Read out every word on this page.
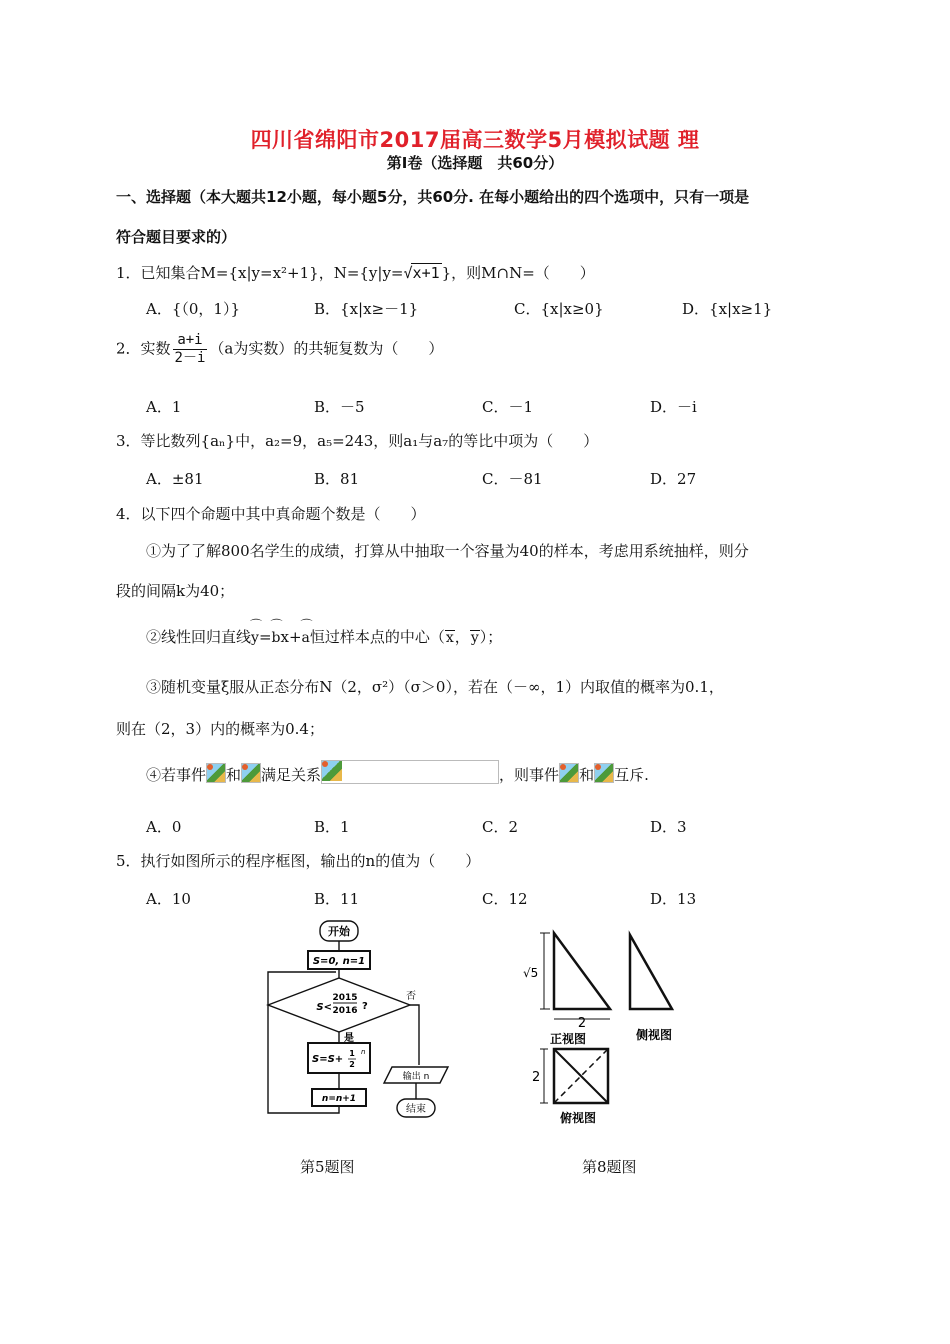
四川省绵阳市2017届高三数学5月模拟试题 理
第Ⅰ卷（选择题　共60分）
一、选择题（本大题共12小题，每小题5分，共60分. 在每小题给出的四个选项中，只有一项是
符合题目要求的）
1．已知集合M={x|y=x²+1}，N={y|y=√x+1 }，则M∩N=（　　）
A．{（0，1）}	B．{x|x≥－1}	C．{x|x≥0}	D．{x|x≥1}
2．实数 $\frac{a+i}{2-i} (a$为实数）的共轭复数为（　　）
A．1	B．－5	C．－1	D．－i
3．等比数列{aₙ}中，a₂=9，a₅=243，则a₁与a₇的等比中项为（　　）
A．±81	B．81	C．－81	D．27
4．以下四个命题中其中真命题个数是（　　）
①为了了解800名学生的成绩，打算从中抽取一个容量为40的样本，考虑用系统抽样，则分
段的间隔k为40；
②线性回归直线⌒ y=⌒ bx+⌒ a恒过样本点的中心（x，y）；
③随机变量ξ服从正态分布N（2，σ²）（σ＞0），若在（－∞，1）内取值的概率为0.1，
则在（2，3）内的概率为0.4；
④若事件 和 满足关系	，则事件 和 互斥.
A．0	B．1	C．2	D．3
5．执行如图所示的程序框图，输出的n的值为（　　）
A．10	B．11	C．12	D．13
开始
S=0, n=1
S<
2015
2016 ?
否
是
S=S+
1
2
n
n=n+1
输出 n
结束
√5
2
正视图	侧视图
2
俯视图
第5题图	第8题图
